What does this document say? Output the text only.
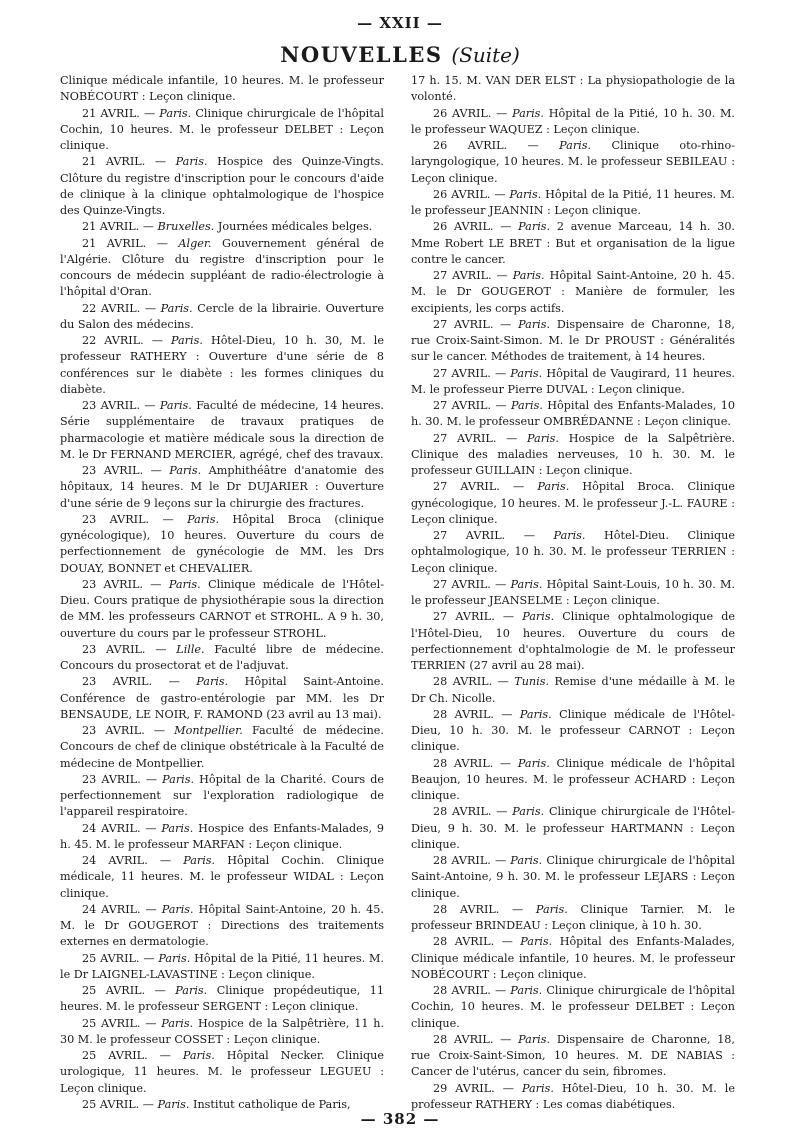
— XXII —
NOUVELLES (Suite)

Clinique médicale infantile, 10 heures. M. le professeur NOBÉCOURT : Leçon clinique.

21 AVRIL. — Paris. Clinique chirurgicale de l'hôpital Cochin, 10 heures. M. le professeur DELBET : Leçon clinique.

21 AVRIL. — Paris. Hospice des Quinze-Vingts. Clôture du registre d'inscription pour le concours d'aide de clinique à la clinique ophtalmologique de l'hospice des Quinze-Vingts.

21 AVRIL. — Bruxelles. Journées médicales belges.

21 AVRIL. — Alger. Gouvernement général de l'Algérie. Clôture du registre d'inscription pour le concours de médecin suppléant de radio-électrologie à l'hôpital d'Oran.

22 AVRIL. — Paris. Cercle de la librairie. Ouverture du Salon des médecins.

22 AVRIL. — Paris. Hôtel-Dieu, 10 h. 30, M. le professeur RATHERY : Ouverture d'une série de 8 conférences sur le diabète : les formes cliniques du diabète.

23 AVRIL. — Paris. Faculté de médecine, 14 heures. Série supplémentaire de travaux pratiques de pharmacologie et matière médicale sous la direction de M. le Dr FERNAND MERCIER, agrégé, chef des travaux.

23 AVRIL. — Paris. Amphithéâtre d'anatomie des hôpitaux, 14 heures. M le Dr DUJARIER : Ouverture d'une série de 9 leçons sur la chirurgie des fractures.

23 AVRIL. — Paris. Hôpital Broca (clinique gynécologique), 10 heures. Ouverture du cours de perfectionnement de gynécologie de MM. les Drs DOUAY, BONNET et CHEVALIER.

23 AVRIL. — Paris. Clinique médicale de l'Hôtel-Dieu. Cours pratique de physiothérapie sous la direction de MM. les professeurs CARNOT et STROHL. A 9 h. 30, ouverture du cours par le professeur STROHL.

23 AVRIL. — Lille. Faculté libre de médecine. Concours du prosectorat et de l'adjuvat.

23 AVRIL. — Paris. Hôpital Saint-Antoine. Conférence de gastro-entérologie par MM. les Dr BENSAUDE, LE NOIR, F. RAMOND (23 avril au 13 mai).

23 AVRIL. — Montpellier. Faculté de médecine. Concours de chef de clinique obstétricale à la Faculté de médecine de Montpellier.

23 AVRIL. — Paris. Hôpital de la Charité. Cours de perfectionnement sur l'exploration radiologique de l'appareil respiratoire.

24 AVRIL. — Paris. Hospice des Enfants-Malades, 9 h. 45. M. le professeur MARFAN : Leçon clinique.

24 AVRIL. — Paris. Hôpital Cochin. Clinique médicale, 11 heures. M. le professeur WIDAL : Leçon clinique.

24 AVRIL. — Paris. Hôpital Saint-Antoine, 20 h. 45. M. le Dr GOUGEROT : Directions des traitements externes en dermatologie.

25 AVRIL. — Paris. Hôpital de la Pitié, 11 heures. M. le Dr LAIGNEL-LAVASTINE : Leçon clinique.

25 AVRIL. — Paris. Clinique propédeutique, 11 heures. M. le professeur SERGENT : Leçon clinique.

25 AVRIL. — Paris. Hospice de la Salpêtrière, 11 h. 30 M. le professeur COSSET : Leçon clinique.

25 AVRIL. — Paris. Hôpital Necker. Clinique urologique, 11 heures. M. le professeur LEGUEU : Leçon clinique.

25 AVRIL. — Paris. Institut catholique de Paris,

17 h. 15. M. VAN DER ELST : La physiopathologie de la volonté.

26 AVRIL. — Paris. Hôpital de la Pitié, 10 h. 30. M. le professeur WAQUEZ : Leçon clinique.

26 AVRIL. — Paris. Clinique oto-rhino-laryngologique, 10 heures. M. le professeur SEBILEAU : Leçon clinique.

26 AVRIL. — Paris. Hôpital de la Pitié, 11 heures. M. le professeur JEANNIN : Leçon clinique.

26 AVRIL. — Paris. 2 avenue Marceau, 14 h. 30. Mme Robert LE BRET : But et organisation de la ligue contre le cancer.

27 AVRIL. — Paris. Hôpital Saint-Antoine, 20 h. 45. M. le Dr GOUGEROT : Manière de formuler, les excipients, les corps actifs.

27 AVRIL. — Paris. Dispensaire de Charonne, 18, rue Croix-Saint-Simon. M. le Dr PROUST : Généralités sur le cancer. Méthodes de traitement, à 14 heures.

27 AVRIL. — Paris. Hôpital de Vaugirard, 11 heures. M. le professeur Pierre DUVAL : Leçon clinique.

27 AVRIL. — Paris. Hôpital des Enfants-Malades, 10 h. 30. M. le professeur OMBRÉDANNE : Leçon clinique.

27 AVRIL. — Paris. Hospice de la Salpêtrière. Clinique des maladies nerveuses, 10 h. 30. M. le professeur GUILLAIN : Leçon clinique.

27 AVRIL. — Paris. Hôpital Broca. Clinique gynécologique, 10 heures. M. le professeur J.-L. FAURE : Leçon clinique.

27 AVRIL. — Paris. Hôtel-Dieu. Clinique ophtalmologique, 10 h. 30. M. le professeur TERRIEN : Leçon clinique.

27 AVRIL. — Paris. Hôpital Saint-Louis, 10 h. 30. M. le professeur JEANSELME : Leçon clinique.

27 AVRIL. — Paris. Clinique ophtalmologique de l'Hôtel-Dieu, 10 heures. Ouverture du cours de perfectionnement d'ophtalmologie de M. le professeur TERRIEN (27 avril au 28 mai).

28 AVRIL. — Tunis. Remise d'une médaille à M. le Dr Ch. Nicolle.

28 AVRIL. — Paris. Clinique médicale de l'Hôtel-Dieu, 10 h. 30. M. le professeur CARNOT : Leçon clinique.

28 AVRIL. — Paris. Clinique médicale de l'hôpital Beaujon, 10 heures. M. le professeur ACHARD : Leçon clinique.

28 AVRIL. — Paris. Clinique chirurgicale de l'Hôtel-Dieu, 9 h. 30. M. le professeur HARTMANN : Leçon clinique.

28 AVRIL. — Paris. Clinique chirurgicale de l'hôpital Saint-Antoine, 9 h. 30. M. le professeur LEJARS : Leçon clinique.

28 AVRIL. — Paris. Clinique Tarnier. M. le professeur BRINDEAU : Leçon clinique, à 10 h. 30.

28 AVRIL. — Paris. Hôpital des Enfants-Malades, Clinique médicale infantile, 10 heures. M. le professeur NOBÉCOURT : Leçon clinique.

28 AVRIL. — Paris. Clinique chirurgicale de l'hôpital Cochin, 10 heures. M. le professeur DELBET : Leçon clinique.

28 AVRIL. — Paris. Dispensaire de Charonne, 18, rue Croix-Saint-Simon, 10 heures. M. DE NABIAS : Cancer de l'utérus, cancer du sein, fibromes.

29 AVRIL. — Paris. Hôtel-Dieu, 10 h. 30. M. le professeur RATHERY : Les comas diabétiques.

— 382 —
